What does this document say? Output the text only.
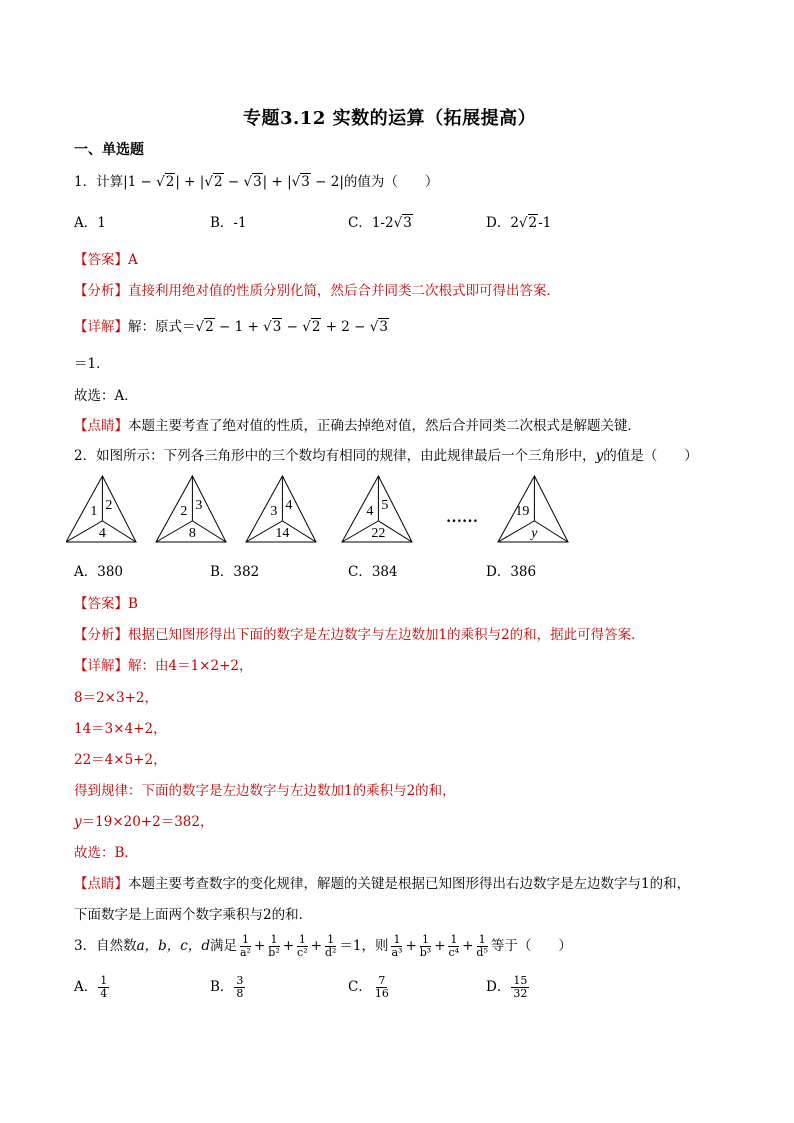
专题3.12 实数的运算（拓展提高）
一、单选题
1．计算|1 − √2| + |√2 − √3| + |√3 − 2|的值为（　　）
A．1	B．-1	C．1-2√3	D．2√2-1
【答案】A
【分析】直接利用绝对值的性质分别化简，然后合并同类二次根式即可得出答案．
【详解】解：原式＝√2 − 1 + √3 − √2 + 2 − √3
＝1．
故选：A．
【点睛】本题主要考查了绝对值的性质，正确去掉绝对值，然后合并同类二次根式是解题关键．
2．如图所示：下列各三角形中的三个数均有相同的规律，由此规律最后一个三角形中，y的值是（　　）
1 2
4
2 3
8
3 4
14
4 5
22
19
y
……
A．380	B．382	C．384	D．386
【答案】B
【分析】根据已知图形得出下面的数字是左边数字与左边数加1的乘积与2的和，据此可得答案．
【详解】解：由4＝1×2+2，
8＝2×3+2，
14＝3×4+2，
22＝4×5+2，
得到规律：下面的数字是左边数字与左边数加1的乘积与2的和，
y＝19×20+2＝382，
故选：B．
【点睛】本题主要考查数字的变化规律，解题的关键是根据已知图形得出右边数字是左边数字与1的和，
下面数字是上面两个数字乘积与2的和．
3．自然数a，b，c，d满足 $\frac{1}{\text{a²}} + \frac{1}{\text{b²}} + \frac{1}{\text{c²}} + \frac{1}{\text{d²}} =1$，则 $\frac{1}{\text{a³}} + \frac{1}{\text{b³}} + \frac{1}{\text{c⁴}} + \frac{1}{\text{d⁵}}$ 等于（　　）
A． $\frac{1}{4}$	B． $\frac{3}{8}$	C． $\frac{7}{16}$	D． $\frac{15}{32}$
